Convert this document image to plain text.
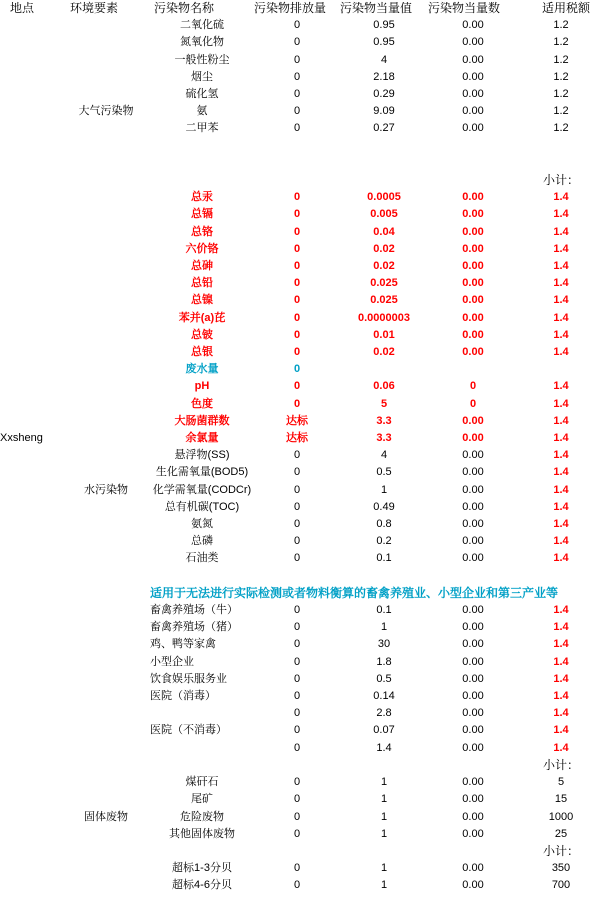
地点	环境要素	污染物名称	污染物排放量	污染物当量值	污染物当量数	适用税额
		二氧化硫	0	0.95	0.00	1.2
		氮氧化物	0	0.95	0.00	1.2
		一般性粉尘	0	4	0.00	1.2
		烟尘	0	2.18	0.00	1.2
		硫化氢	0	0.29	0.00	1.2
	大气污染物	氨	0	9.09	0.00	1.2
		二甲苯	0	0.27	0.00	1.2

						小计：
		总汞	0	0.0005	0.00	1.4
		总镉	0	0.005	0.00	1.4
		总铬	0	0.04	0.00	1.4
		六价铬	0	0.02	0.00	1.4
		总砷	0	0.02	0.00	1.4
		总铅	0	0.025	0.00	1.4
		总镍	0	0.025	0.00	1.4
		苯并(a)芘	0	0.0000003	0.00	1.4
		总铍	0	0.01	0.00	1.4
		总银	0	0.02	0.00	1.4
		废水量	0			
		pH	0	0.06	0	1.4
		色度	0	5	0	1.4
		大肠菌群数	达标	3.3	0.00	1.4
Xxsheng		余氯量	达标	3.3	0.00	1.4
		悬浮物(SS)	0	4	0.00	1.4
		生化需氧量(BOD5)	0	0.5	0.00	1.4
	水污染物	化学需氧量(CODCr)	0	1	0.00	1.4
		总有机碳(TOC)	0	0.49	0.00	1.4
		氨氮	0	0.8	0.00	1.4
		总磷	0	0.2	0.00	1.4
		石油类	0	0.1	0.00	1.4

		适用于无法进行实际检测或者物料衡算的畜禽养殖业、小型企业和第三产业等				
		畜禽养殖场（牛）	0	0.1	0.00	1.4
		畜禽养殖场（猪）	0	1	0.00	1.4
		鸡、鸭等家禽	0	30	0.00	1.4
		小型企业	0	1.8	0.00	1.4
		饮食娱乐服务业	0	0.5	0.00	1.4
		医院（消毒）	0	0.14	0.00	1.4
			0	2.8	0.00	1.4
		医院（不消毒）	0	0.07	0.00	1.4
			0	1.4	0.00	1.4
						小计：
		煤矸石	0	1	0.00	5
		尾矿	0	1	0.00	15
	固体废物	危险废物	0	1	0.00	1000
		其他固体废物	0	1	0.00	25
						小计：
		超标1-3分贝	0	1	0.00	350
		超标4-6分贝	0	1	0.00	700
